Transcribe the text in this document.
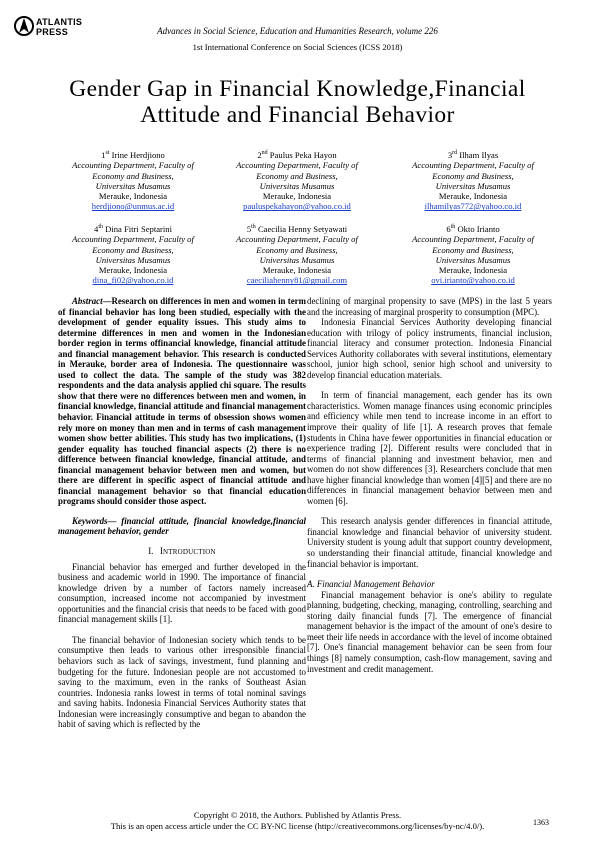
ATLANTIS
PRESS	Advances in Social Science, Education and Humanities Research, volume 226
1st International Conference on Social Sciences (ICSS 2018)
Gender Gap in Financial Knowledge,Financial
Attitude and Financial Behavior
1st Irine Herdjiono
Accounting Department, Faculty of
Economy and Business,
Universitas Musamus
Merauke, Indonesia
herdjiono@unmus.ac.id
2nd Paulus Peka Hayon
Accounting Department, Faculty of
Economy and Business,
Universitas Musamus
Merauke, Indonesia
pauluspekahayon@yahoo.co.id
3rd Ilham Ilyas
Accounting Department, Faculty of
Economy and Business,
Universitas Musamus
Merauke, Indonesia
ilhamilyas772@yahoo.co.id
4th Dina Fitri Septarini
Accounting Department, Faculty of
Economy and Business,
Universitas Musamus
Merauke, Indonesia
dina_fi02@yahoo.co.id
5th Caecilia Henny Setyawati
Accounting Department, Faculty of
Economy and Business,
Universitas Musamus
Merauke, Indonesia
caeciliahenny81@gmail.com
6th Okto Irianto
Accounting Department, Faculty of
Economy and Business,
Universitas Musamus
Merauke, Indonesia
ovi.irianto@yahoo.co.id

Abstract—Research on differences in men and women in term of financial behavior has long been studied, especially with the development of gender equality issues. This study aims to determine differences in men and women in the Indonesian border region in terms offinancial knowledge, financial attitude and financial management behavior. This research is conducted in Merauke, border area of Indonesia. The questionnaire was used to collect the data. The sample of the study was 382 respondents and the data analysis applied chi square. The results show that there were no differences between men and women, in financial knowledge, financial attitude and financial management behavior. Financial attitude in terms of obsession shows women rely more on money than men and in terms of cash management women show better abilities. This study has two implications, (1) gender equality has touched financial aspects (2) there is no difference between financial knowledge, financial attitude, and financial management behavior between men and women, but there are different in specific aspect of financial attitude and financial management behavior so that financial education programs should consider those aspect.

Keywords— financial attitude, financial knowledge,financial management behavior, gender

I. INTRODUCTION

Financial behavior has emerged and further developed in the business and academic world in 1990. The importance of financial knowledge driven by a number of factors namely increased consumption, increased income not accompanied by investment opportunities and the financial crisis that needs to be faced with good financial management skills [1].

The financial behavior of Indonesian society which tends to be consumptive then leads to various other irresponsible financial behaviors such as lack of savings, investment, fund planning and budgeting for the future. Indonesian people are not accustomed to saving to the maximum, even in the ranks of Southeast Asian countries. Indonesia ranks lowest in terms of total nominal savings and saving habits. Indonesia Financial Services Authority states that Indonesian were increasingly consumptive and began to abandon the habit of saving which is reflected by the

declining of marginal propensity to save (MPS) in the last 5 years and the increasing of marginal prosperity to consumption (MPC).

Indonesia Financial Services Authority developing financial education with trilogy of policy instruments, financial inclusion, financial literacy and consumer protection. Indonesia Financial Services Authority collaborates with several institutions, elementary school, junior high school, senior high school and university to develop financial education materials.

In term of financial management, each gender has its own characteristics. Women manage finances using economic principles and efficiency while men tend to increase income in an effort to improve their quality of life [1]. A research proves that female students in China have fewer opportunities in financial education or experience trading [2]. Different results were concluded that in terms of financial planning and investment behavior, men and women do not show differences [3]. Researchers conclude that men have higher financial knowledge than women [4][5] and there are no differences in financial management behavior between men and women [6].

This research analysis gender differences in financial attitude, financial knowledge and financial behavior of university student. University student is young adult that support country development, so understanding their financial attitude, financial knowledge and financial behavior is important.

A. Financial Management Behavior

Financial management behavior is one's ability to regulate planning, budgeting, checking, managing, controlling, searching and storing daily financial funds [7]. The emergence of financial management behavior is the impact of the amount of one's desire to meet their life needs in accordance with the level of income obtained [7]. One's financial management behavior can be seen from four things [8] namely consumption, cash-flow management, saving and investment and credit management.

Copyright © 2018, the Authors. Published by Atlantis Press.
This is an open access article under the CC BY-NC license (http://creativecommons.org/licenses/by-nc/4.0/).	1363
